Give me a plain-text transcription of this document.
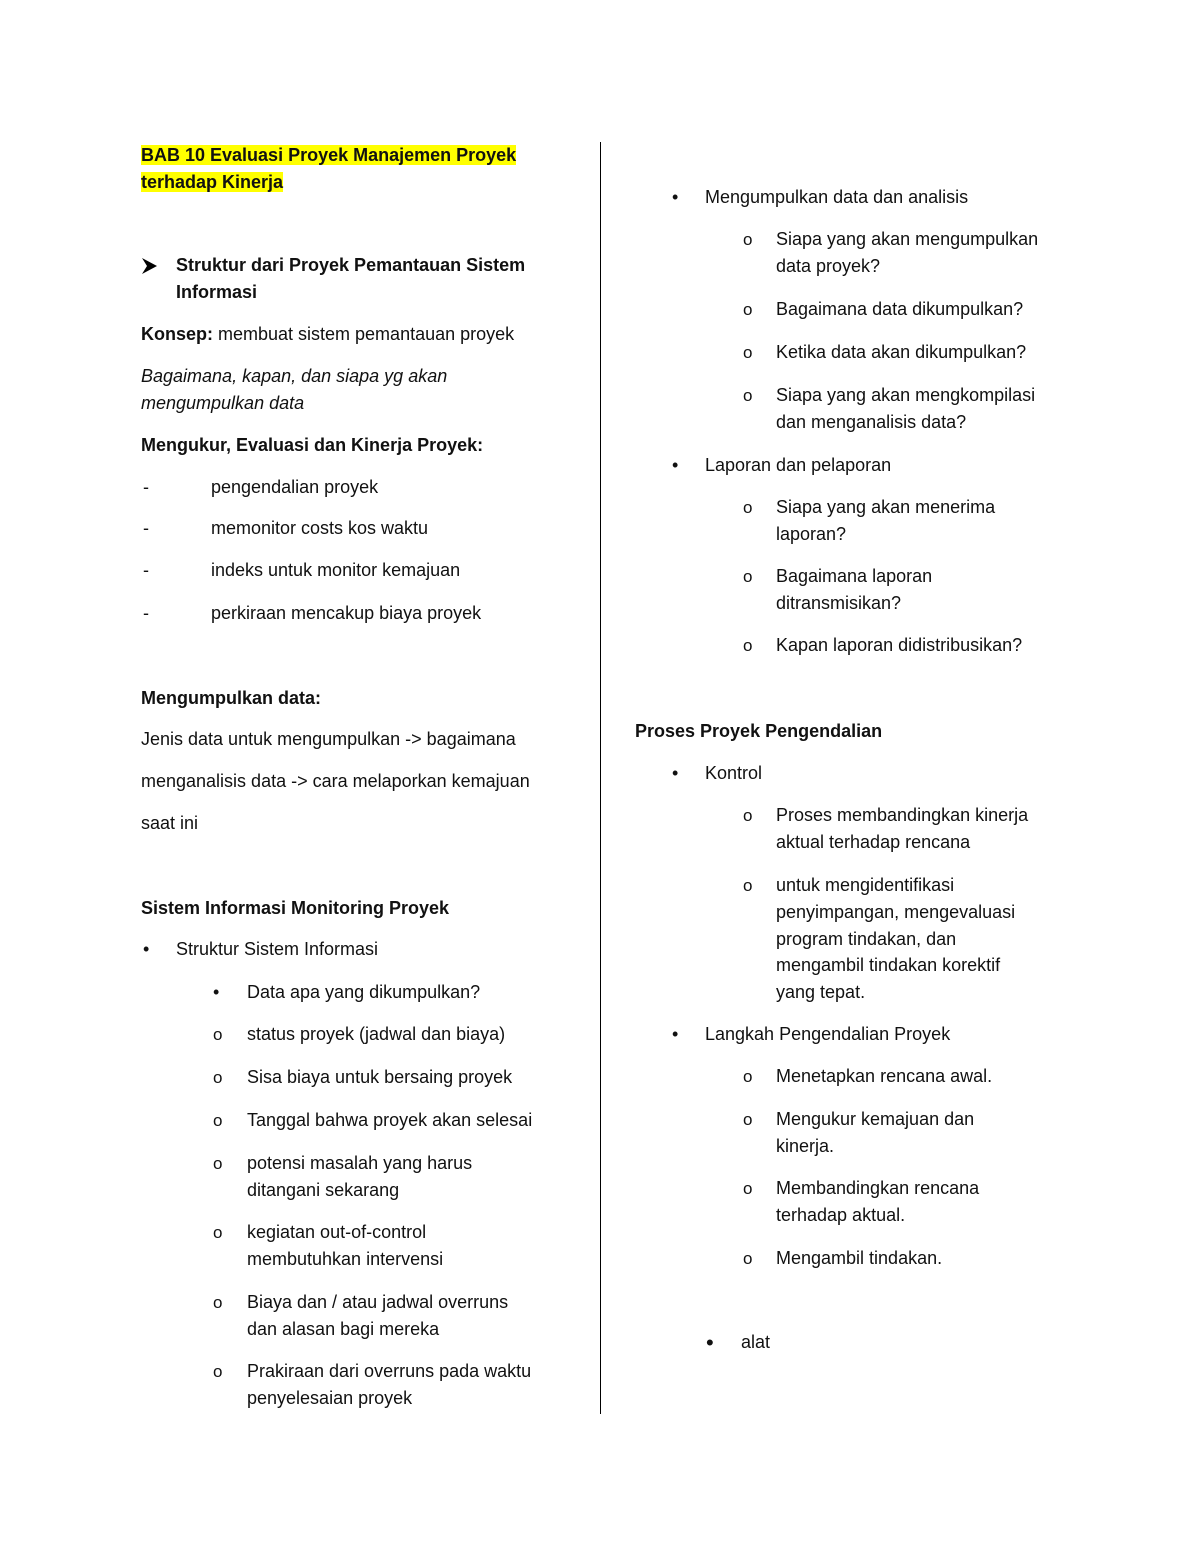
BAB 10 Evaluasi Proyek Manajemen Proyek
terhadap Kinerja
Struktur dari Proyek Pemantauan Sistem
Informasi
Konsep: membuat sistem pemantauan proyek
Bagaimana, kapan, dan siapa yg akan
mengumpulkan data
Mengukur, Evaluasi dan Kinerja Proyek:
-	pengendalian proyek
-	memonitor costs kos waktu
-	indeks untuk monitor kemajuan
-	perkiraan mencakup biaya proyek
Mengumpulkan data:
Jenis data untuk mengumpulkan -> bagaimana
menganalisis data -> cara melaporkan kemajuan
saat ini
Sistem Informasi Monitoring Proyek
• Struktur Sistem Informasi
• Data apa yang dikumpulkan?
o status proyek (jadwal dan biaya)
o Sisa biaya untuk bersaing proyek
o Tanggal bahwa proyek akan selesai
o potensi masalah yang harus
ditangani sekarang
o kegiatan out-of-control
membutuhkan intervensi
o Biaya dan / atau jadwal overruns
dan alasan bagi mereka
o Prakiraan dari overruns pada waktu
penyelesaian proyek
• Mengumpulkan data dan analisis
o Siapa yang akan mengumpulkan
data proyek?
o Bagaimana data dikumpulkan?
o Ketika data akan dikumpulkan?
o Siapa yang akan mengkompilasi
dan menganalisis data?
• Laporan dan pelaporan
o Siapa yang akan menerima
laporan?
o Bagaimana laporan
ditransmisikan?
o Kapan laporan didistribusikan?
Proses Proyek Pengendalian
• Kontrol
o Proses membandingkan kinerja
aktual terhadap rencana
o untuk mengidentifikasi
penyimpangan, mengevaluasi
program tindakan, dan
mengambil tindakan korektif
yang tepat.
• Langkah Pengendalian Proyek
o Menetapkan rencana awal.
o Mengukur kemajuan dan
kinerja.
o Membandingkan rencana
terhadap aktual.
o Mengambil tindakan.
• alat
